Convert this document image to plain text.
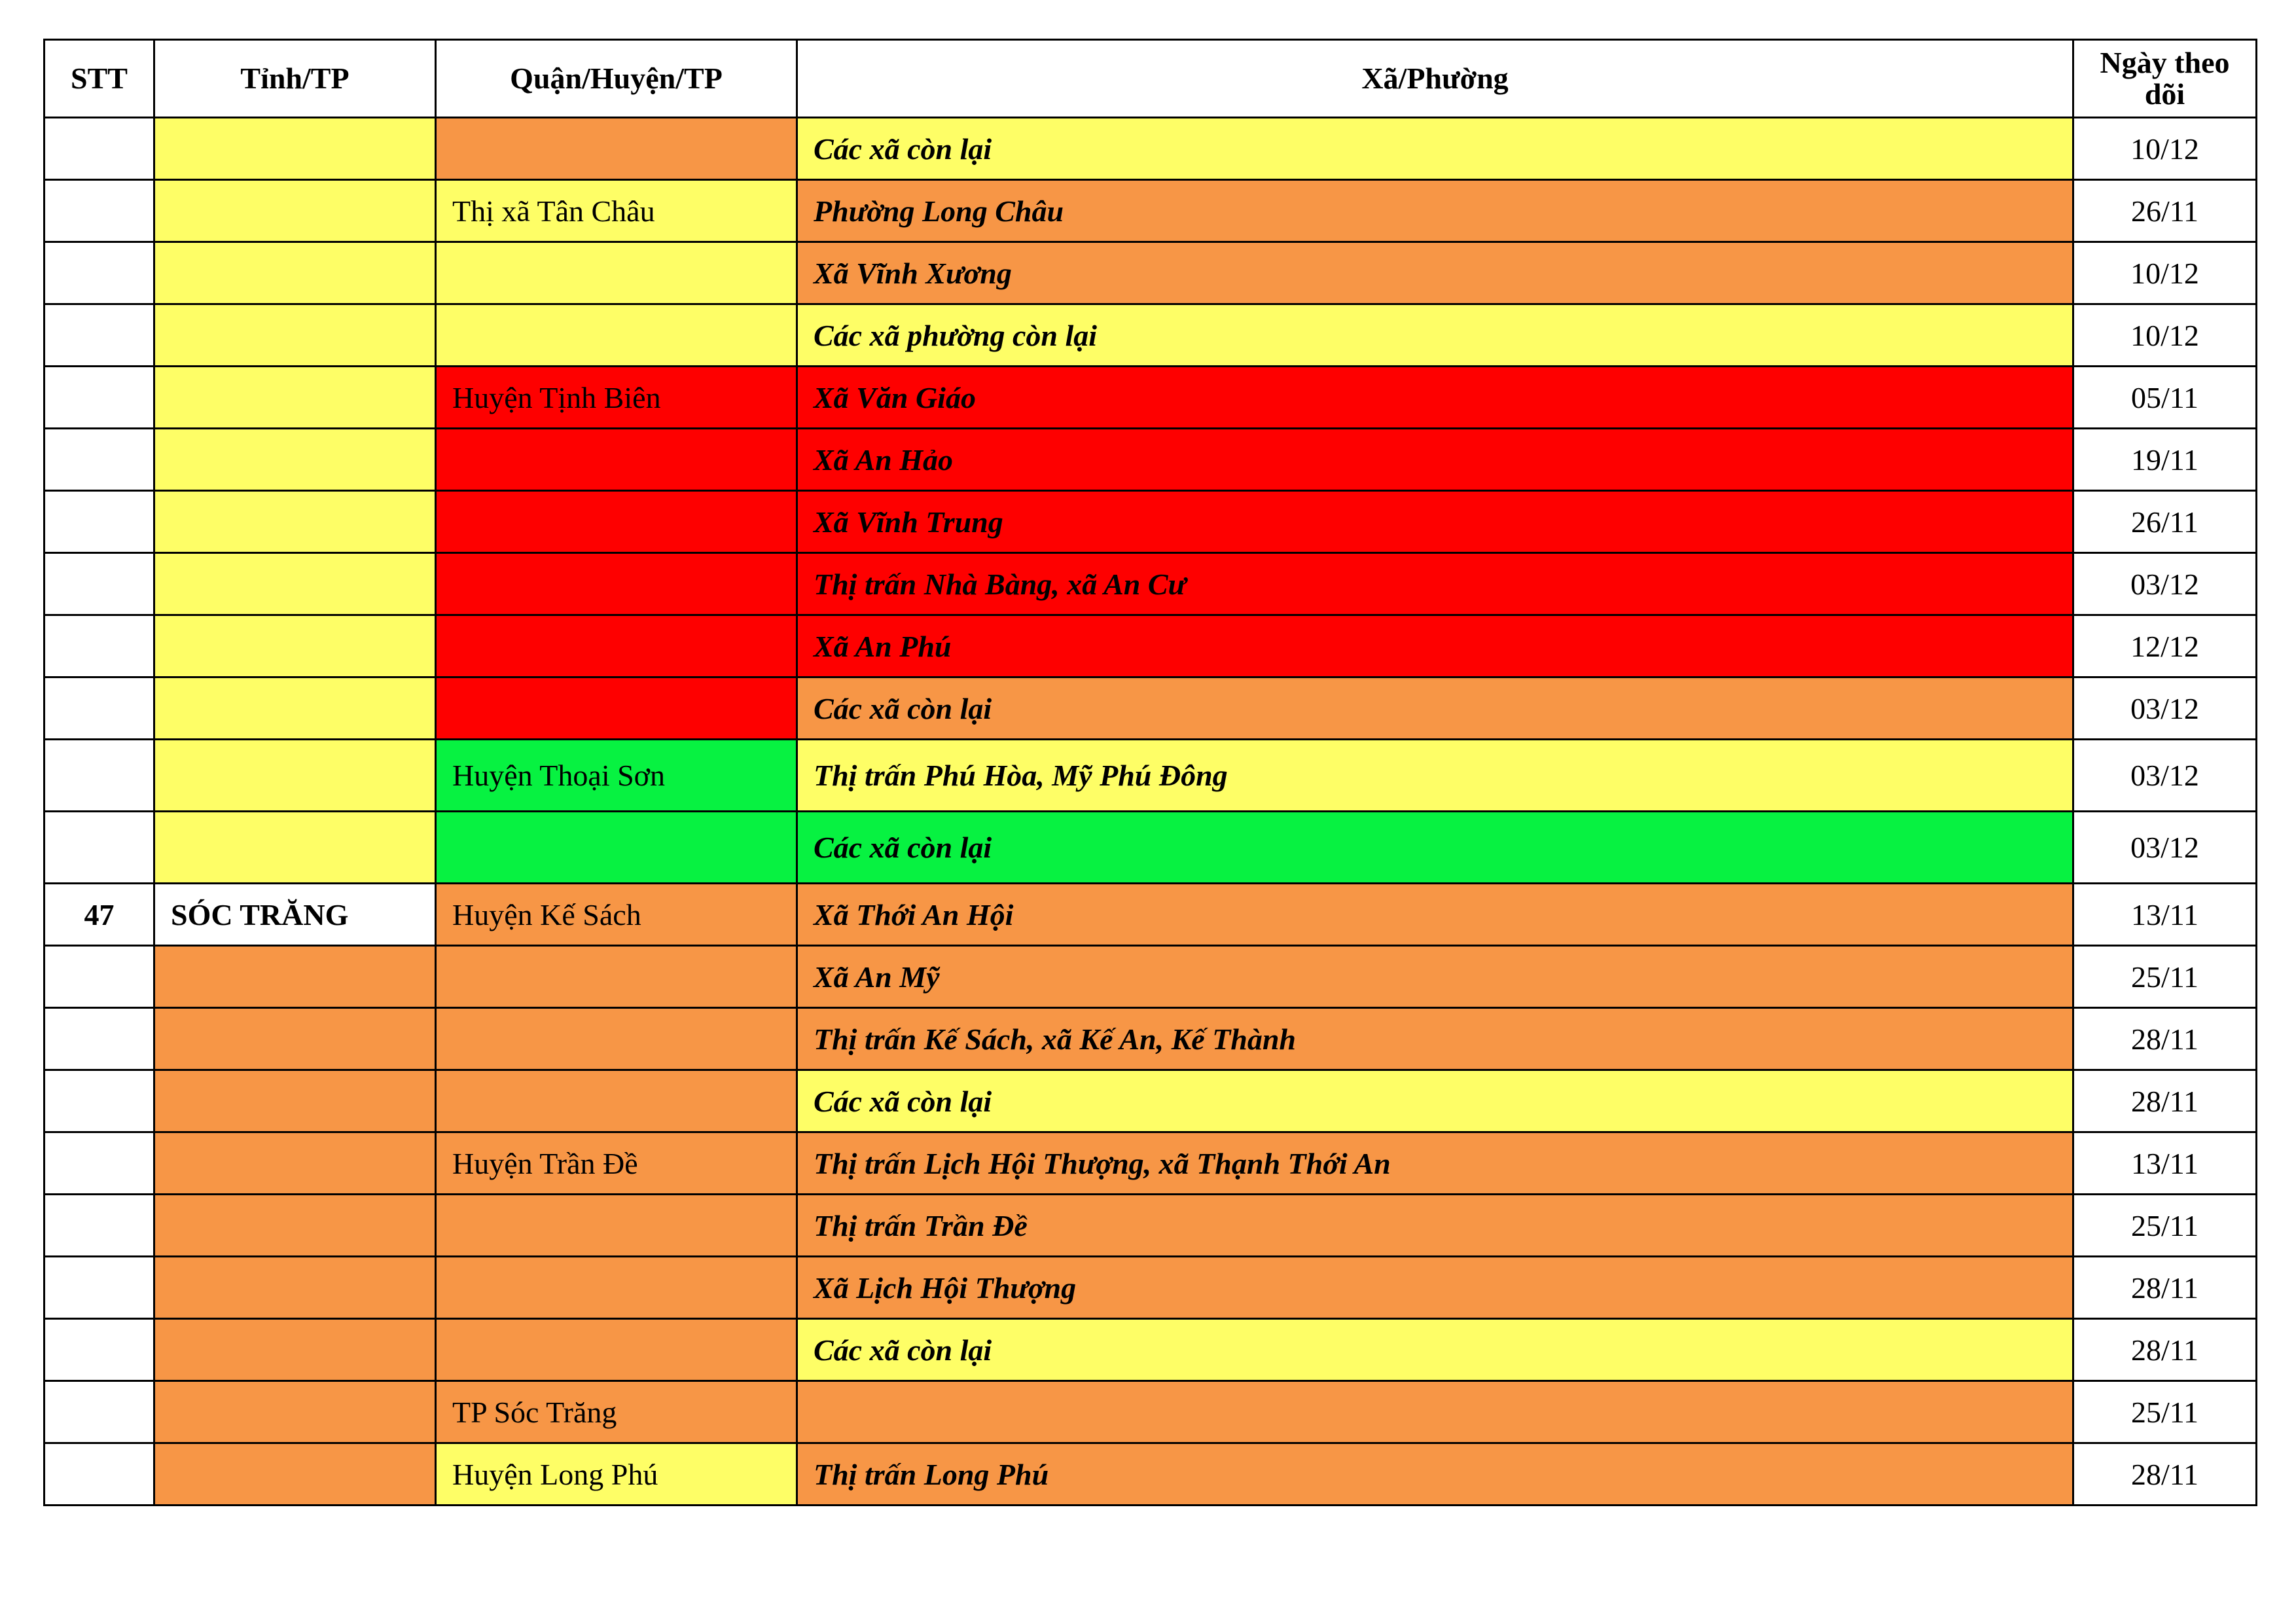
STT	Tỉnh/TP	Quận/Huyện/TP	Xã/Phường	Ngày theo dõi
			Các xã còn lại	10/12
		Thị xã Tân Châu	Phường Long Châu	26/11
			Xã Vĩnh Xương	10/12
			Các xã phường còn lại	10/12
		Huyện Tịnh Biên	Xã Văn Giáo	05/11
			Xã An Hảo	19/11
			Xã Vĩnh Trung	26/11
			Thị trấn Nhà Bàng, xã An Cư	03/12
			Xã An Phú	12/12
			Các xã còn lại	03/12
		Huyện Thoại Sơn	Thị trấn Phú Hòa, Mỹ Phú Đông	03/12
			Các xã còn lại	03/12
47	SÓC TRĂNG	Huyện Kế Sách	Xã Thới An Hội	13/11
			Xã An Mỹ	25/11
			Thị trấn Kế Sách, xã Kế An, Kế Thành	28/11
			Các xã còn lại	28/11
		Huyện Trần Đề	Thị trấn Lịch Hội Thượng, xã Thạnh Thới An	13/11
			Thị trấn Trần Đề	25/11
			Xã Lịch Hội Thượng	28/11
			Các xã còn lại	28/11
		TP Sóc Trăng		25/11
		Huyện Long Phú	Thị trấn Long Phú	28/11
